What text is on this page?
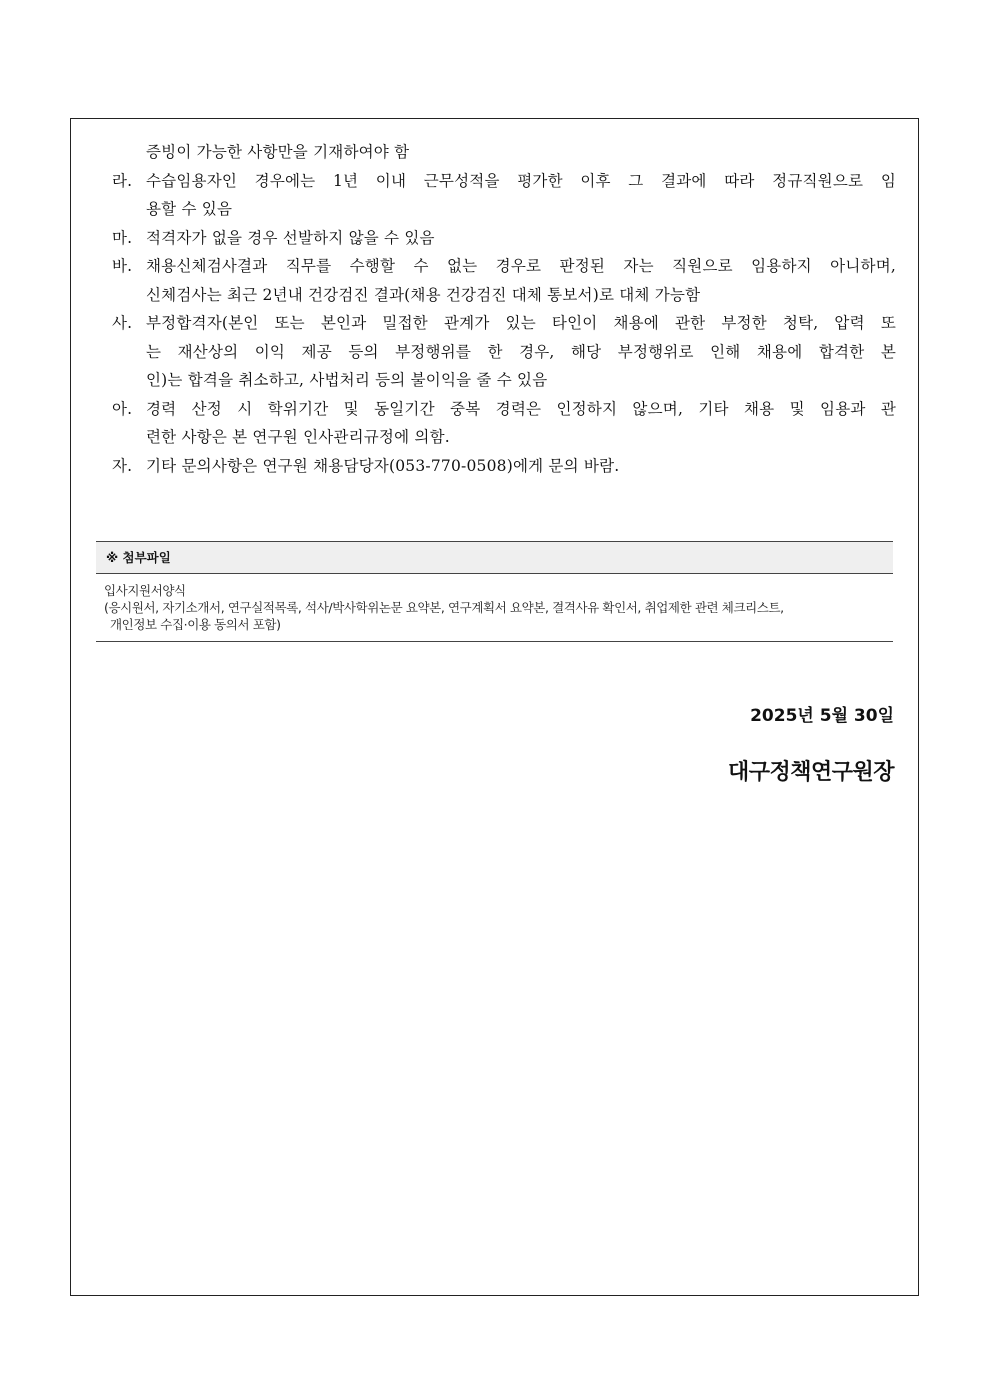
증빙이 가능한 사항만을 기재하여야 함
라. 수습임용자인 경우에는 1년 이내 근무성적을 평가한 이후 그 결과에 따라 정규직원으로 임
용할 수 있음
마. 적격자가 없을 경우 선발하지 않을 수 있음
바. 채용신체검사결과 직무를 수행할 수 없는 경우로 판정된 자는 직원으로 임용하지 아니하며,
신체검사는 최근 2년내 건강검진 결과(채용 건강검진 대체 통보서)로 대체 가능함
사. 부정합격자(본인 또는 본인과 밀접한 관계가 있는 타인이 채용에 관한 부정한 청탁, 압력 또
는 재산상의 이익 제공 등의 부정행위를 한 경우, 해당 부정행위로 인해 채용에 합격한 본
인)는 합격을 취소하고, 사법처리 등의 불이익을 줄 수 있음
아. 경력 산정 시 학위기간 및 동일기간 중복 경력은 인정하지 않으며, 기타 채용 및 임용과 관
련한 사항은 본 연구원 인사관리규정에 의함.
자. 기타 문의사항은 연구원 채용담당자(053-770-0508)에게 문의 바람.
※ 첨부파일
입사지원서양식
(응시원서, 자기소개서, 연구실적목록, 석사/박사학위논문 요약본, 연구계획서 요약본, 결격사유 확인서, 취업제한 관련 체크리스트,
개인정보 수집·이용 동의서 포함)
2025년 5월 30일
대구정책연구원장
